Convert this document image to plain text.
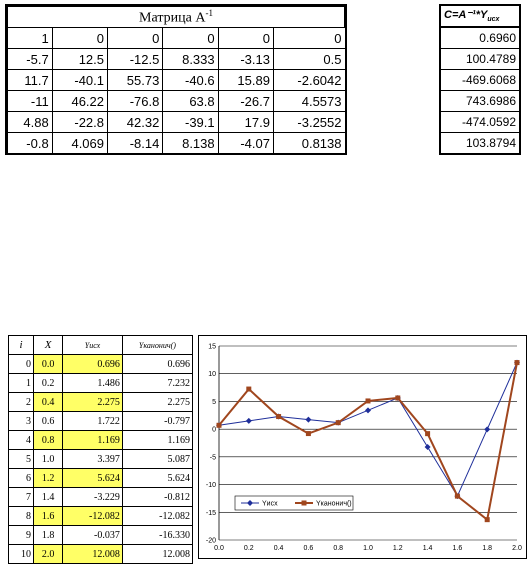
Матрица $A^{-1}$
1	0	0	0	0	0
-5.7	12.5	-12.5	8.333	-3.13	0.5
11.7	-40.1	55.73	-40.6	15.89	-2.6042
-11	46.22	-76.8	63.8	-26.7	4.5573
4.88	-22.8	42.32	-39.1	17.9	-3.2552
-0.8	4.069	-8.14	8.138	-4.07	0.8138
$C=A^{-1}*Y_{исх}$
0.6960
100.4789
-469.6068
743.6986
-474.0592
103.8794
i	X	Yисх	Yканонич()
0	0.0	0.696	0.696
1	0.2	1.486	7.232
2	0.4	2.275	2.275
3	0.6	1.722	-0.797
4	0.8	1.169	1.169
5	1.0	3.397	5.087
6	1.2	5.624	5.624
7	1.4	-3.229	-0.812
8	1.6	-12.082	-12.082
9	1.8	-0.037	-16.330
10	2.0	12.008	12.008
15
10
5
0
-5
-10
-15
-20
0.0	0.2	0.4	0.6	0.8	1.0	1.2	1.4	1.6	1.8	2.0
Yисх	Yканонич()
